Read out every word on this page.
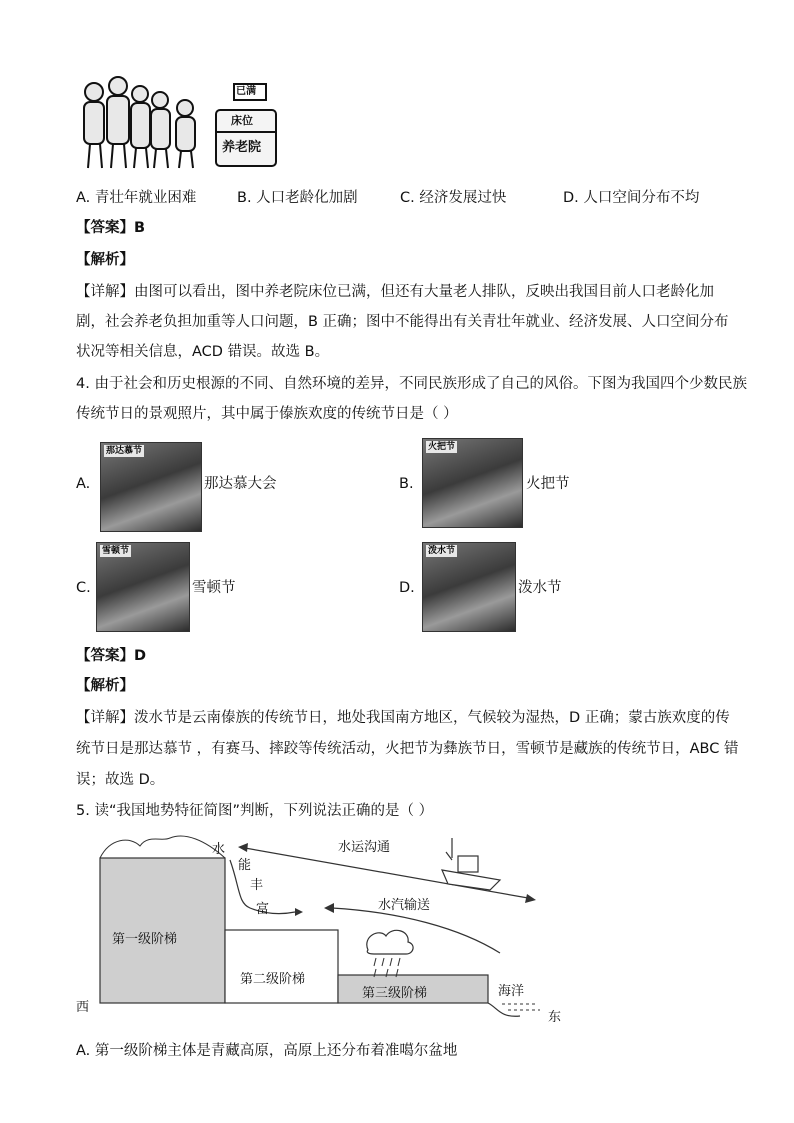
已满
床位
养老院
A. 青壮年就业困难	B. 人口老龄化加剧	C. 经济发展过快	D. 人口空间分布不均
【答案】B
【解析】
【详解】由图可以看出，图中养老院床位已满，但还有大量老人排队，反映出我国目前人口老龄化加
剧，社会养老负担加重等人口问题，B 正确；图中不能得出有关青壮年就业、经济发展、人口空间分布
状况等相关信息，ACD 错误。故选 B。
4. 由于社会和历史根源的不同、自然环境的差异，不同民族形成了自己的风俗。下图为我国四个少数民族
传统节日的景观照片，其中属于傣族欢度的传统节日是（ ）
A.
那达慕节
那达慕大会	B.
火把节
火把节
C.
雪顿节
雪顿节	D.
泼水节
泼水节
【答案】D
【解析】
【详解】泼水节是云南傣族的传统节日，地处我国南方地区，气候较为湿热，D 正确；蒙古族欢度的传
统节日是那达慕节 ，有赛马、摔跤等传统活动，火把节为彝族节日，雪顿节是藏族的传统节日，ABC 错
误；故选 D。
5. 读“我国地势特征简图”判断，下列说法正确的是（ ）
第一级阶梯
第二级阶梯
第三级阶梯
水
能
丰
富
水运沟通
水汽输送
海洋
西
东
A. 第一级阶梯主体是青藏高原，高原上还分布着准噶尔盆地
